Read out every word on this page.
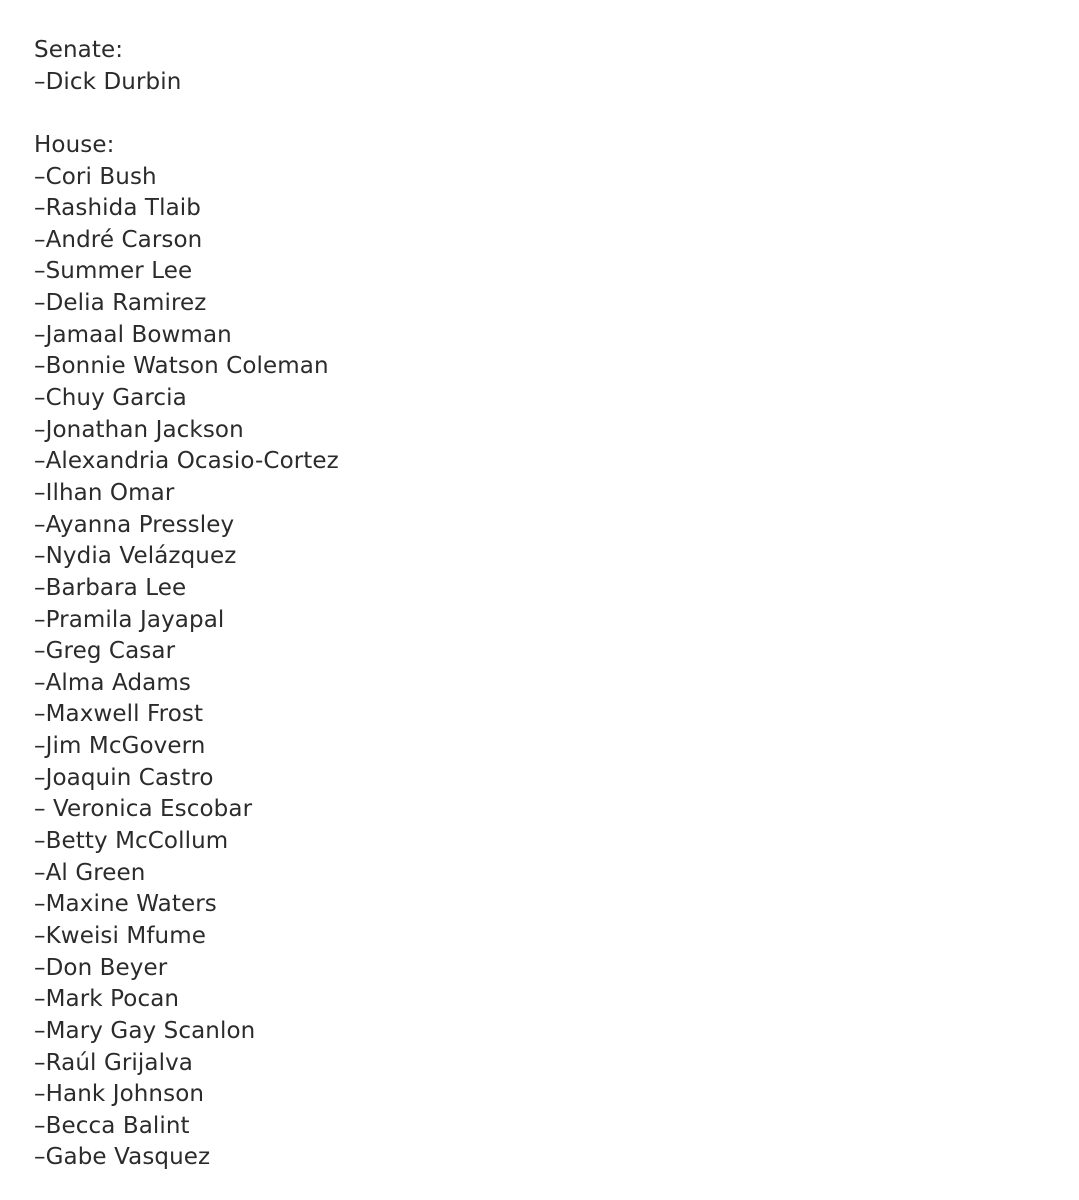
Senate:
–Dick Durbin
House:
–Cori Bush
–Rashida Tlaib
–André Carson
–Summer Lee
–Delia Ramirez
–Jamaal Bowman
–Bonnie Watson Coleman
–Chuy Garcia
–Jonathan Jackson
–Alexandria Ocasio-Cortez
–Ilhan Omar
–Ayanna Pressley
–Nydia Velázquez
–Barbara Lee
–Pramila Jayapal
–Greg Casar
–Alma Adams
–Maxwell Frost
–Jim McGovern
–Joaquin Castro
– Veronica Escobar
–Betty McCollum
–Al Green
–Maxine Waters
–Kweisi Mfume
–Don Beyer
–Mark Pocan
–Mary Gay Scanlon
–Raúl Grijalva
–Hank Johnson
–Becca Balint
–Gabe Vasquez
